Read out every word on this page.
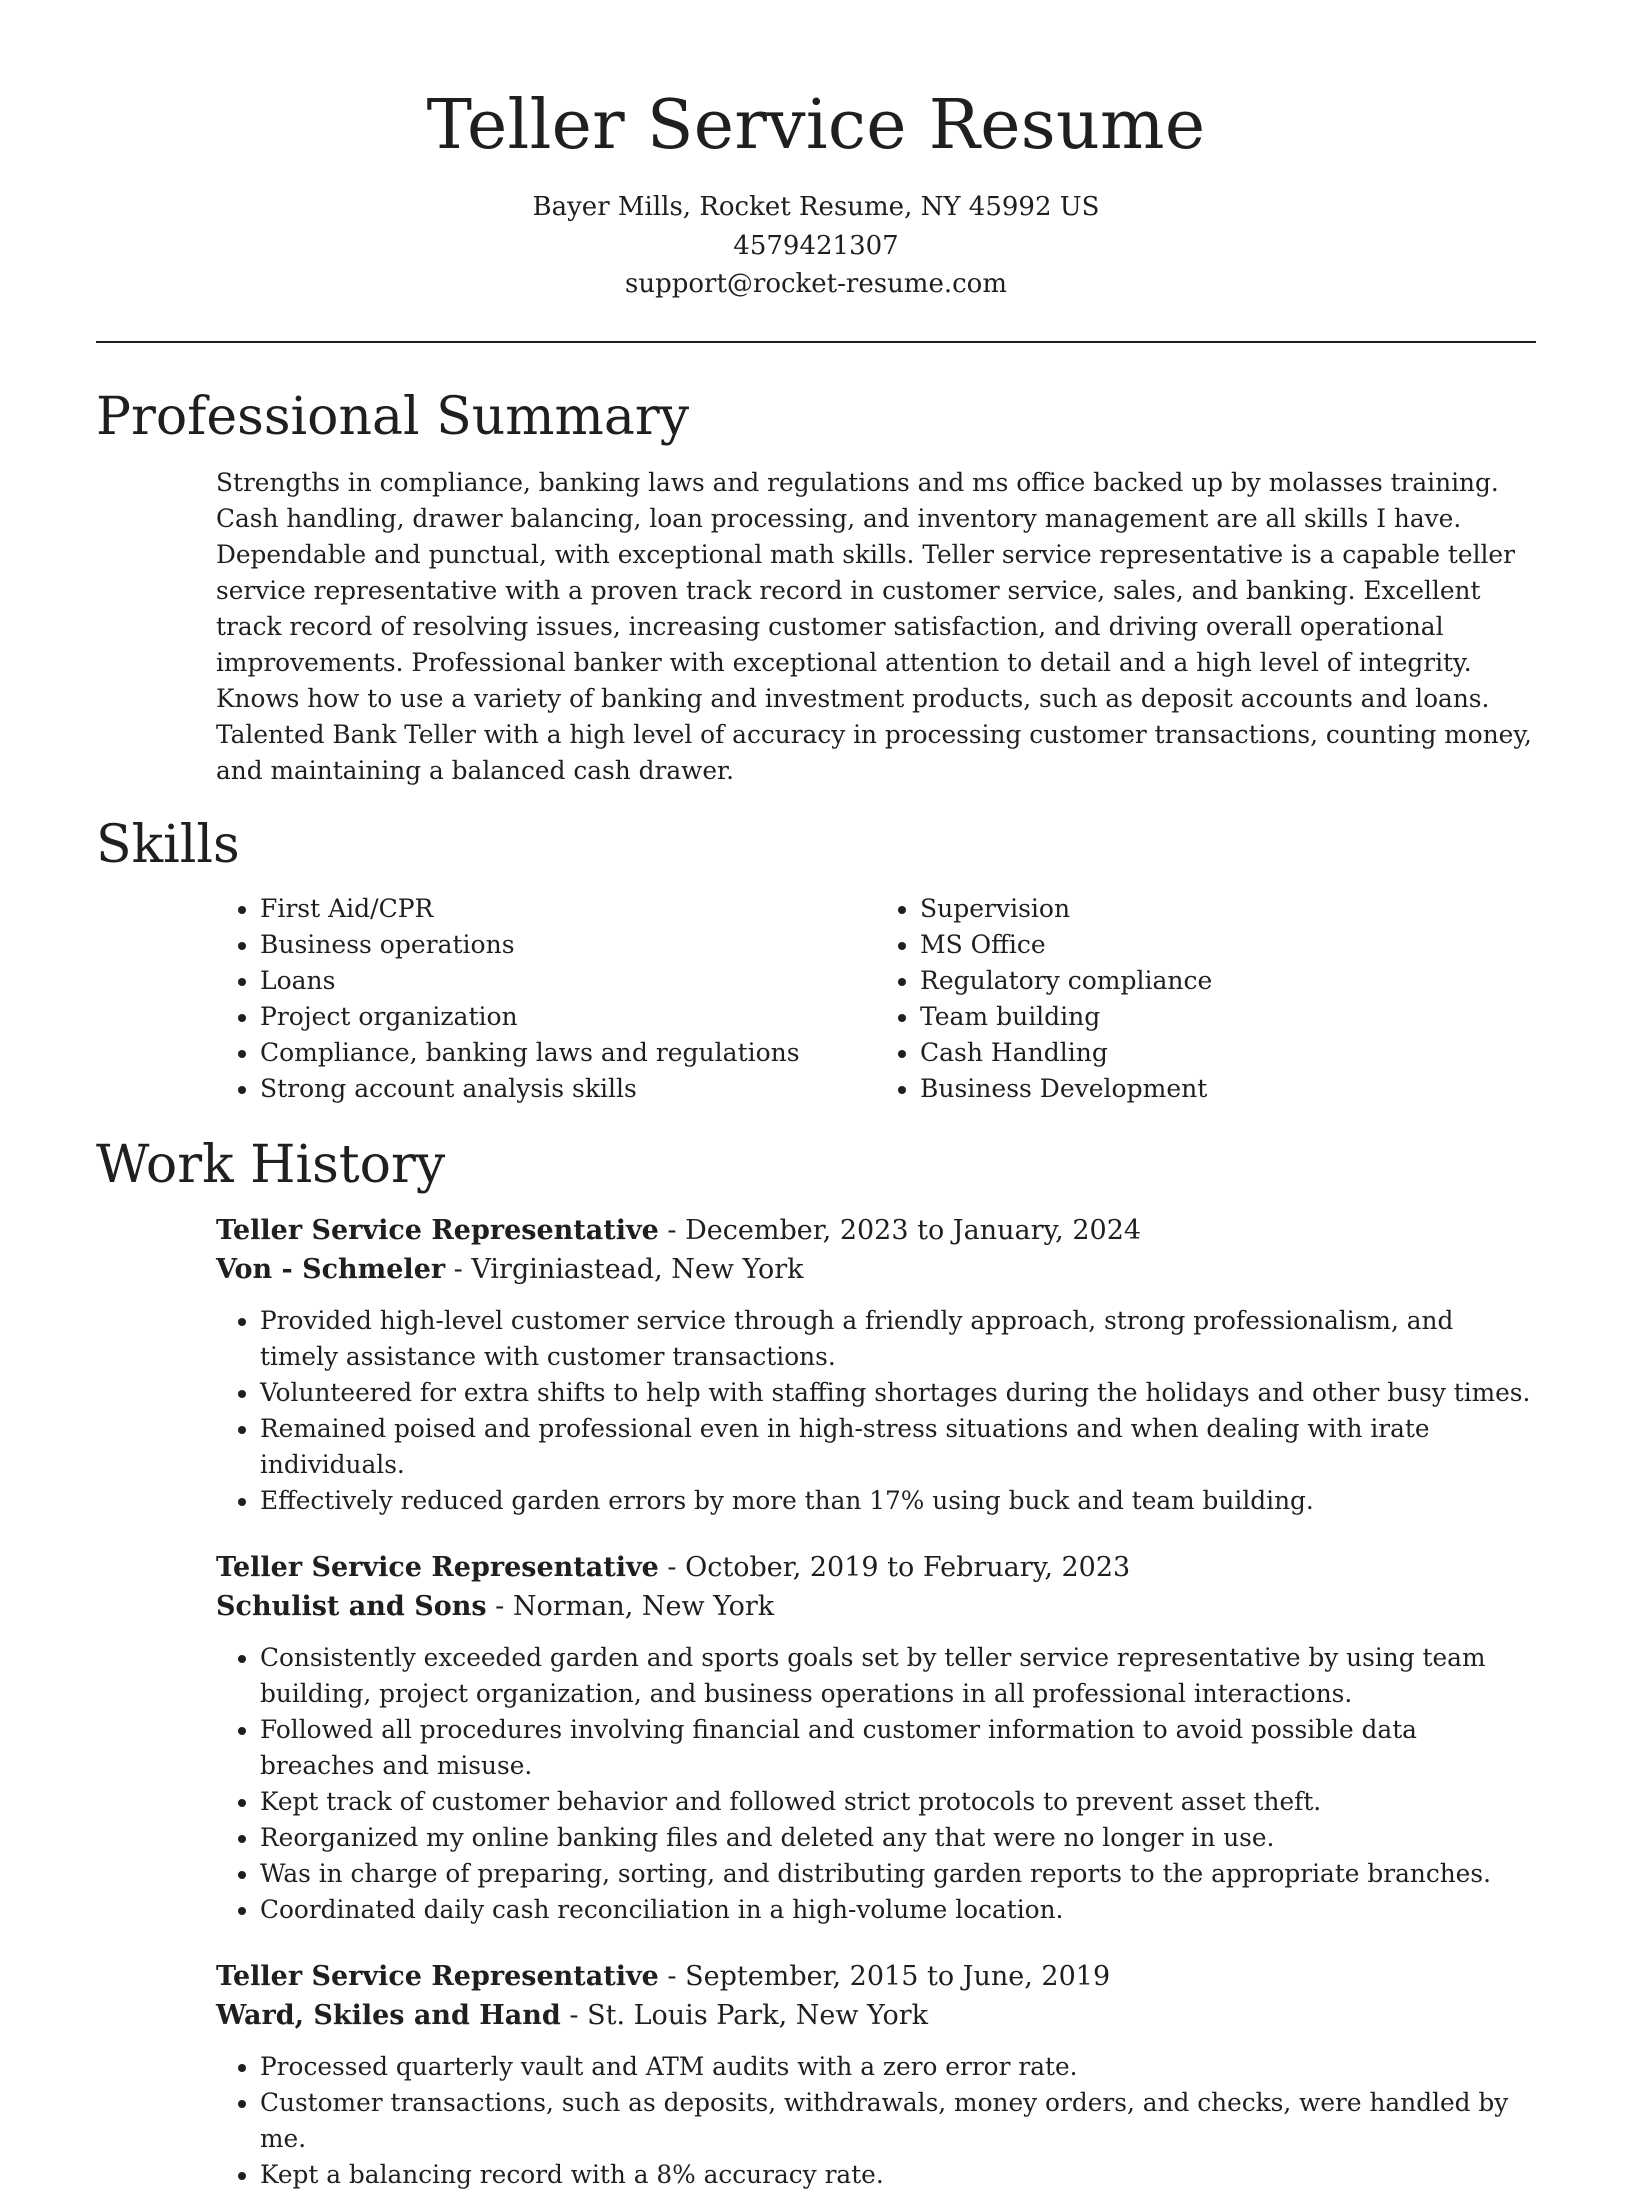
Teller Service Resume
Bayer Mills, Rocket Resume, NY 45992 US
4579421307
support@rocket-resume.com
Professional Summary
Strengths in compliance, banking laws and regulations and ms office backed up by molasses training. Cash handling, drawer balancing, loan processing, and inventory management are all skills I have. Dependable and punctual, with exceptional math skills. Teller service representative is a capable teller service representative with a proven track record in customer service, sales, and banking. Excellent track record of resolving issues, increasing customer satisfaction, and driving overall operational improvements. Professional banker with exceptional attention to detail and a high level of integrity. Knows how to use a variety of banking and investment products, such as deposit accounts and loans. Talented Bank Teller with a high level of accuracy in processing customer transactions, counting money, and maintaining a balanced cash drawer.
Skills
• First Aid/CPR
• Business operations
• Loans
• Project organization
• Compliance, banking laws and regulations
• Strong account analysis skills
• Supervision
• MS Office
• Regulatory compliance
• Team building
• Cash Handling
• Business Development
Work History
Teller Service Representative - December, 2023 to January, 2024
Von - Schmeler - Virginiastead, New York
• Provided high-level customer service through a friendly approach, strong professionalism, and timely assistance with customer transactions.
• Volunteered for extra shifts to help with staffing shortages during the holidays and other busy times.
• Remained poised and professional even in high-stress situations and when dealing with irate individuals.
• Effectively reduced garden errors by more than 17% using buck and team building.
Teller Service Representative - October, 2019 to February, 2023
Schulist and Sons - Norman, New York
• Consistently exceeded garden and sports goals set by teller service representative by using team building, project organization, and business operations in all professional interactions.
• Followed all procedures involving financial and customer information to avoid possible data breaches and misuse.
• Kept track of customer behavior and followed strict protocols to prevent asset theft.
• Reorganized my online banking files and deleted any that were no longer in use.
• Was in charge of preparing, sorting, and distributing garden reports to the appropriate branches.
• Coordinated daily cash reconciliation in a high-volume location.
Teller Service Representative - September, 2015 to June, 2019
Ward, Skiles and Hand - St. Louis Park, New York
• Processed quarterly vault and ATM audits with a zero error rate.
• Customer transactions, such as deposits, withdrawals, money orders, and checks, were handled by me.
• Kept a balancing record with a 8% accuracy rate.
